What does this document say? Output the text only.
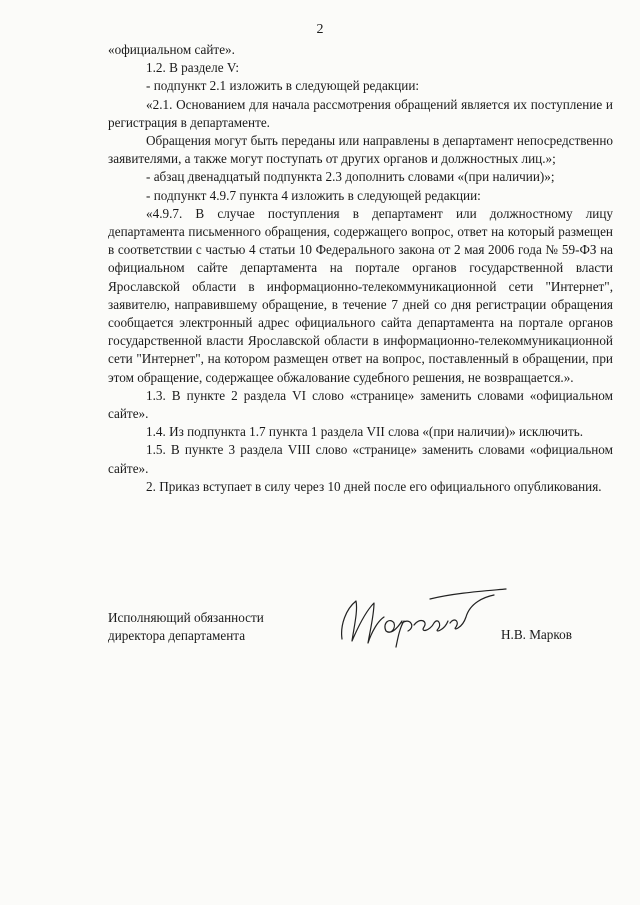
2

«официальном сайте».

1.2. В разделе V:

- подпункт 2.1 изложить в следующей редакции:

«2.1. Основанием для начала рассмотрения обращений является их поступление и регистрация в департаменте.

Обращения могут быть переданы или направлены в департамент непосредственно заявителями, а также могут поступать от других органов и должностных лиц.»;

- абзац двенадцатый подпункта 2.3 дополнить словами «(при наличии)»;

- подпункт 4.9.7 пункта 4 изложить в следующей редакции:

«4.9.7. В случае поступления в департамент или должностному лицу департамента письменного обращения, содержащего вопрос, ответ на который размещен в соответствии с частью 4 статьи 10 Федерального закона от 2 мая 2006 года № 59-ФЗ на официальном сайте департамента на портале органов государственной власти Ярославской области в информационно-телекоммуникационной сети "Интернет", заявителю, направившему обращение, в течение 7 дней со дня регистрации обращения сообщается электронный адрес официального сайта департамента на портале органов государственной власти Ярославской области в информационно-телекоммуникационной сети "Интернет", на котором размещен ответ на вопрос, поставленный в обращении, при этом обращение, содержащее обжалование судебного решения, не возвращается.».

1.3. В пункте 2 раздела VI слово «странице» заменить словами «официальном сайте».

1.4. Из подпункта 1.7 пункта 1 раздела VII слова «(при наличии)» исключить.

1.5. В пункте 3 раздела VIII слово «странице» заменить словами «официальном сайте».

2. Приказ вступает в силу через 10 дней после его официального опубликования.

Исполняющий обязанности
директора департамента	Н.В. Марков
